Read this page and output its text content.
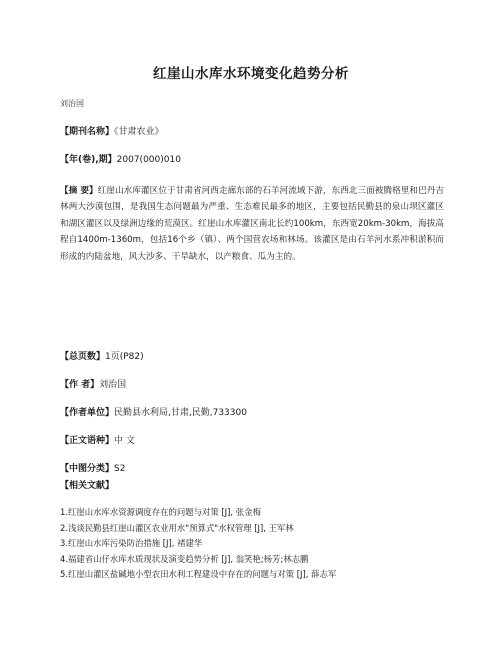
红崖山水库水环境变化趋势分析
刘治国
【期刊名称】《甘肃农业》
【年(卷),期】2007(000)010
【摘 要】红崖山水库灌区位于甘肃省河西走廊东部的石羊河流域下游，东西北三面被腾格里和巴丹吉林两大沙漠包围，是我国生态问题最为严重、生态难民最多的地区，主要包括民勤县的泉山坝区灌区和湖区灌区以及绿洲边缘的荒漠区。红崖山水库灌区南北长约100km，东西宽20km-30km，海拔高程自1400m-1360m，包括16个乡（镇）、两个国营农场和林场。该灌区是由石羊河水系冲积淤积而形成的内陆盆地，风大沙多、干旱缺水，以产粮食、瓜为主的。
【总页数】1页(P82)
【作 者】刘治国
【作者单位】民勤县水利局,甘肃,民勤,733300
【正文语种】中 文
【中图分类】S2
【相关文献】
1.红崖山水库水资源调度存在的问题与对策 [J], 张金梅
2.浅谈民勤县红崖山灌区农业用水"预算式"水权管理 [J], 王军林
3.红崖山水库污染防治措施 [J], 褚建华
4.福建省山仔水库水质现状及演变趋势分析 [J], 翁笑艳;杨芳;林志鹏
5.红崖山灌区盐碱地小型农田水利工程建设中存在的问题与对策 [J], 薛志军
